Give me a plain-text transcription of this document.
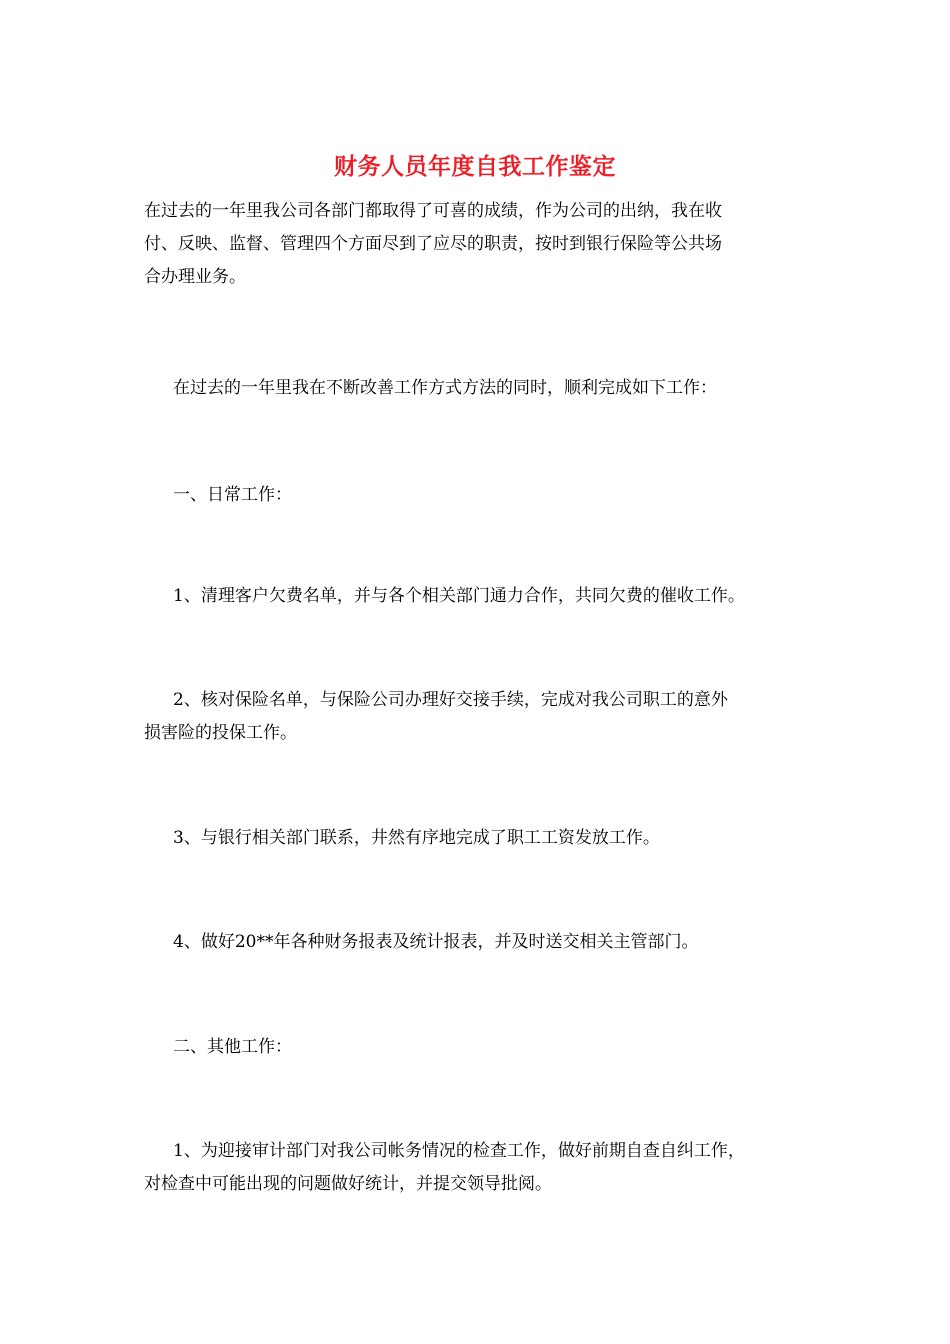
财务人员年度自我工作鉴定
在过去的一年里我公司各部门都取得了可喜的成绩，作为公司的出纳，我在收
付、反映、监督、管理四个方面尽到了应尽的职责，按时到银行保险等公共场
合办理业务。
在过去的一年里我在不断改善工作方式方法的同时，顺利完成如下工作：
一、日常工作：
1、清理客户欠费名单，并与各个相关部门通力合作，共同欠费的催收工作。
2、核对保险名单，与保险公司办理好交接手续，完成对我公司职工的意外
损害险的投保工作。
3、与银行相关部门联系，井然有序地完成了职工工资发放工作。
4、做好20**年各种财务报表及统计报表，并及时送交相关主管部门。
二、其他工作：
1、为迎接审计部门对我公司帐务情况的检查工作，做好前期自查自纠工作，
对检查中可能出现的问题做好统计，并提交领导批阅。
